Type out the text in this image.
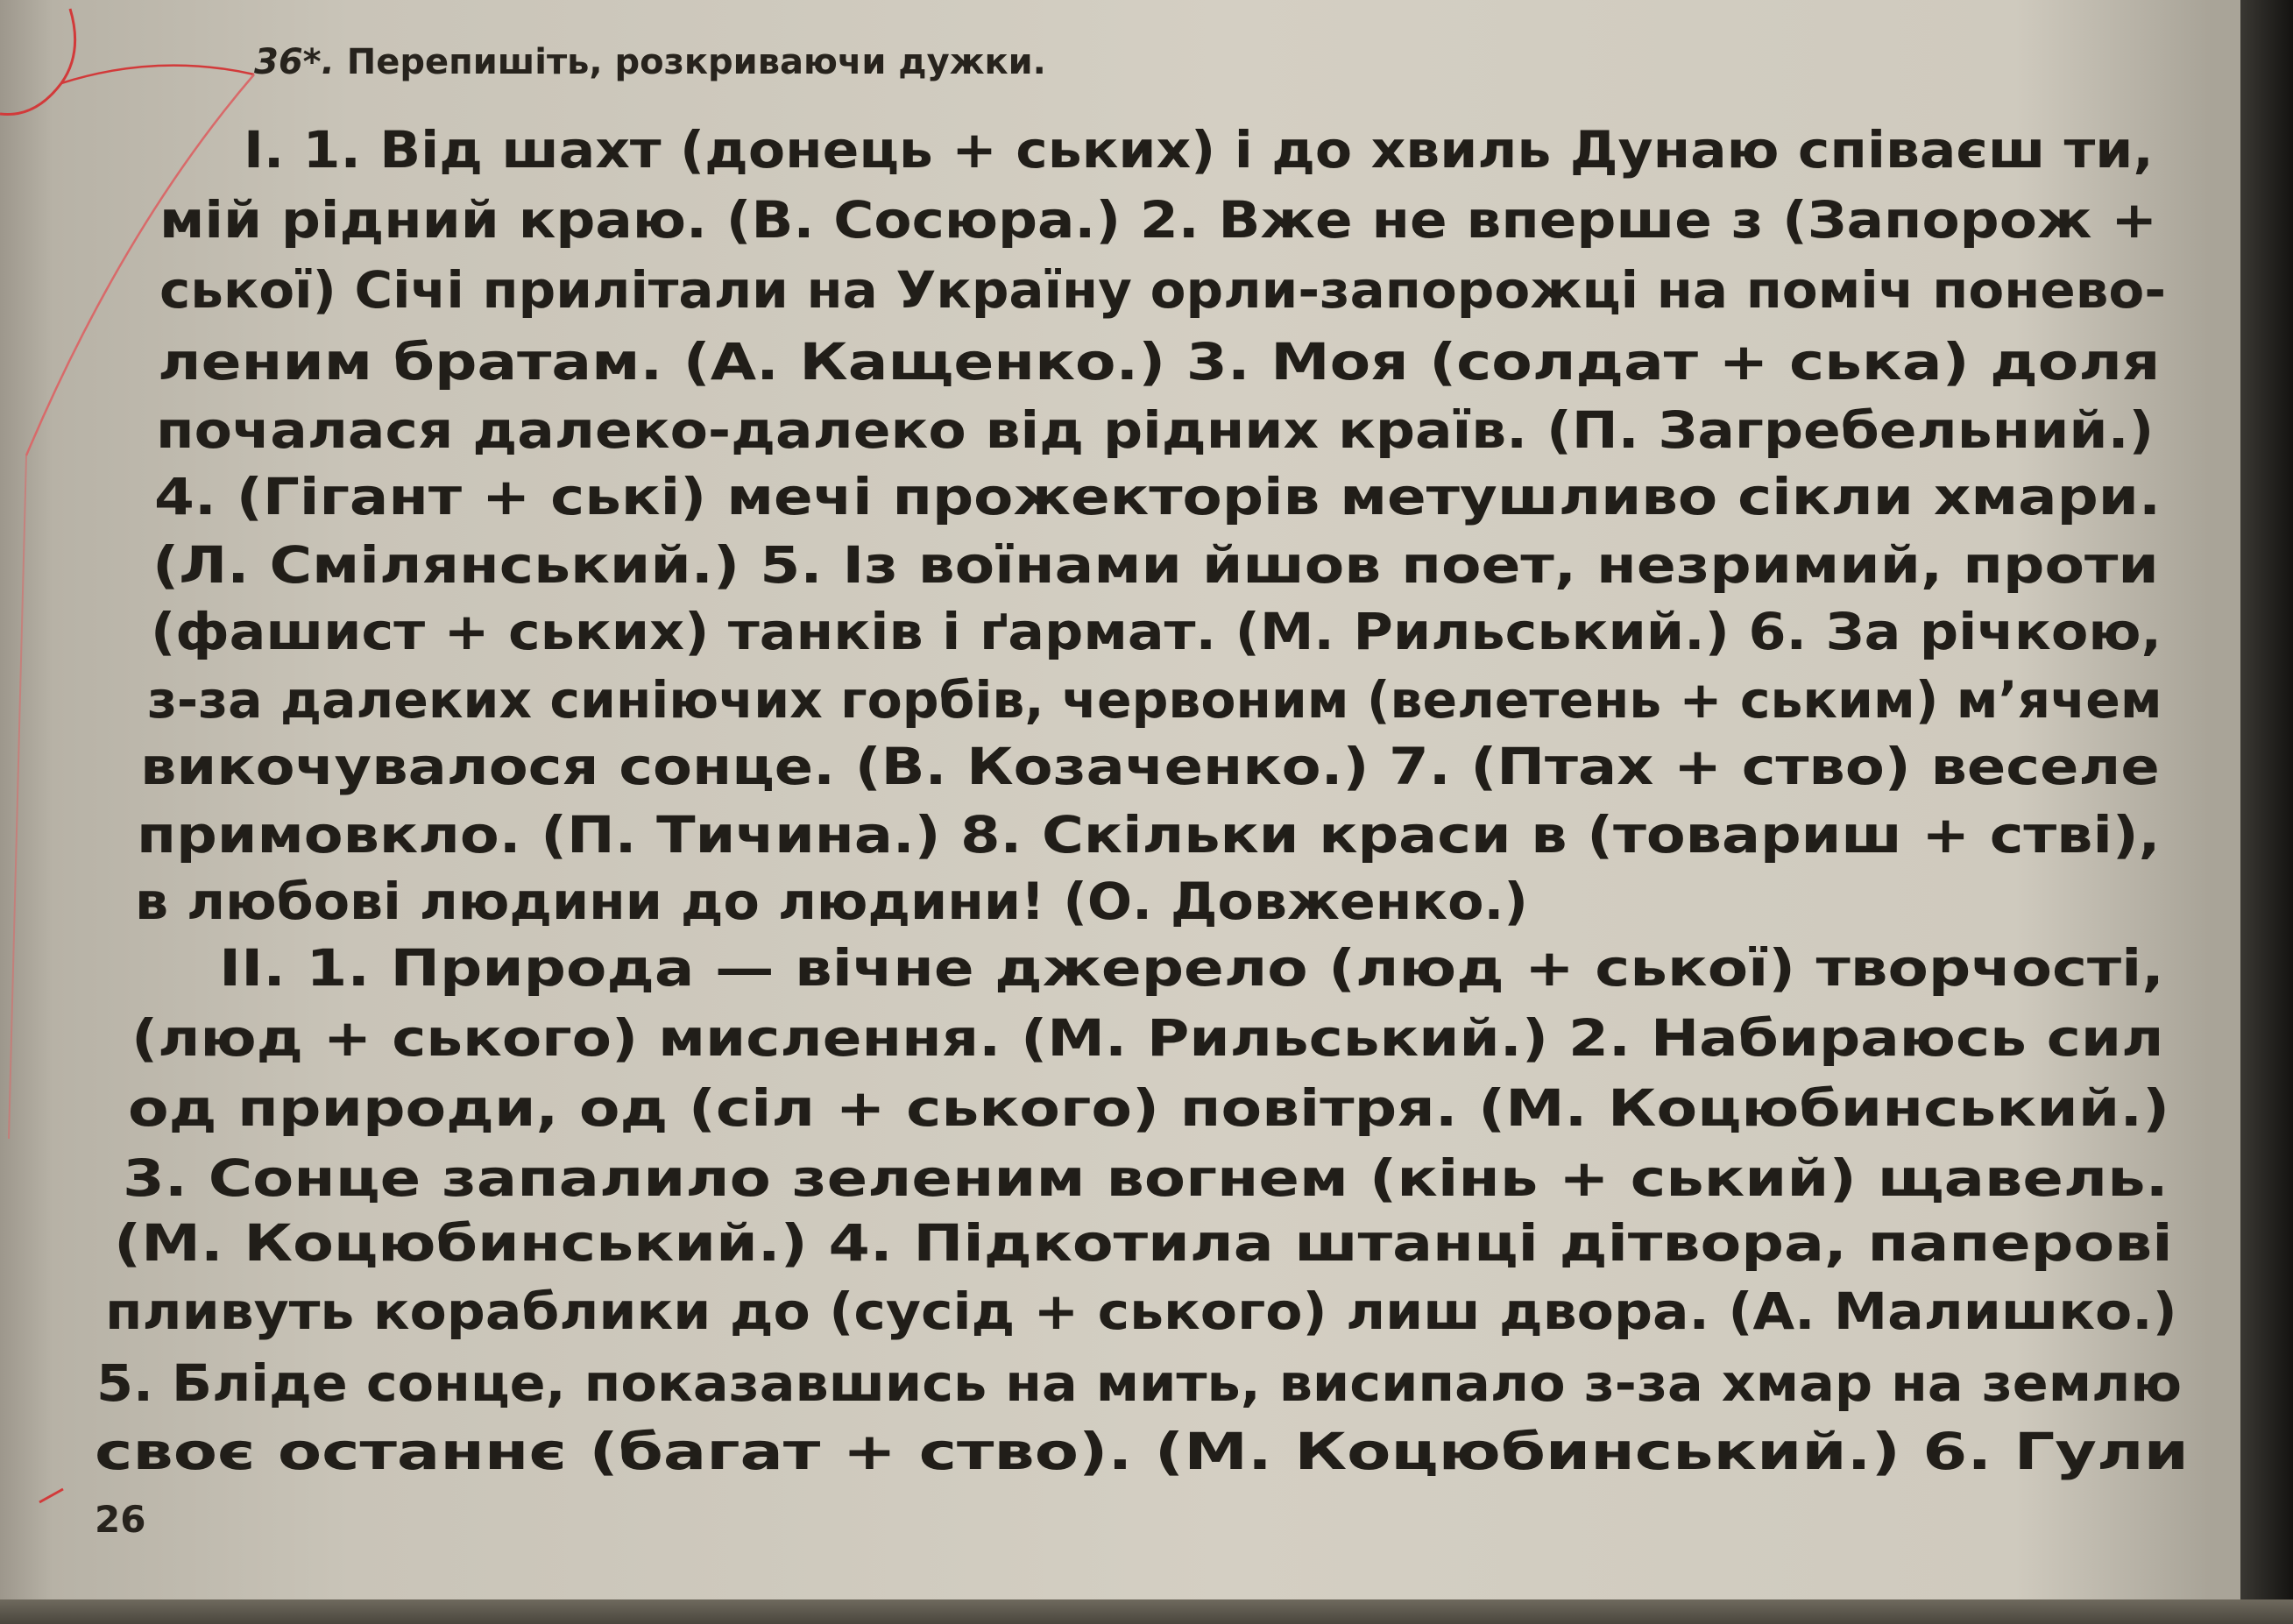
36*. Перепишіть, розкриваючи дужки.
І. 1. Від шахт (донець + ських) і до хвиль Дунаю співаєш ти,
мій рідний краю. (В. Сосюра.) 2. Вже не вперше з (Запорож +
ської) Січі прилітали на Україну орли-запорожці на поміч понево-
леним братам. (А. Кащенко.) 3. Моя (солдат + ська) доля
почалася далеко-далеко від рідних країв. (П. Загребельний.)
4. (Гігант + ські) мечі прожекторів метушливо сікли хмари.
(Л. Смілянський.) 5. Із воїнами йшов поет, незримий, проти
(фашист + ських) танків і ґармат. (М. Рильський.) 6. За річкою,
з-за далеких синіючих горбів, червоним (велетень + ським) м’ячем
викочувалося сонце. (В. Козаченко.) 7. (Птах + ство) веселе
примовкло. (П. Тичина.) 8. Скільки краси в (товариш + стві),
в любові людини до людини! (О. Довженко.)
ІІ. 1. Природа — вічне джерело (люд + ської) творчості,
(люд + ського) мислення. (М. Рильський.) 2. Набираюсь сил
од природи, од (сіл + ського) повітря. (М. Коцюбинський.)
3. Сонце запалило зеленим вогнем (кінь + ський) щавель.
(М. Коцюбинський.) 4. Підкотила штанці дітвора, паперові
пливуть кораблики до (сусід + ського) лиш двора. (А. Малишко.)
5. Бліде сонце, показавшись на мить, висипало з-за хмар на землю
своє останнє (багат + ство). (М. Коцюбинський.) 6. Гули
26
